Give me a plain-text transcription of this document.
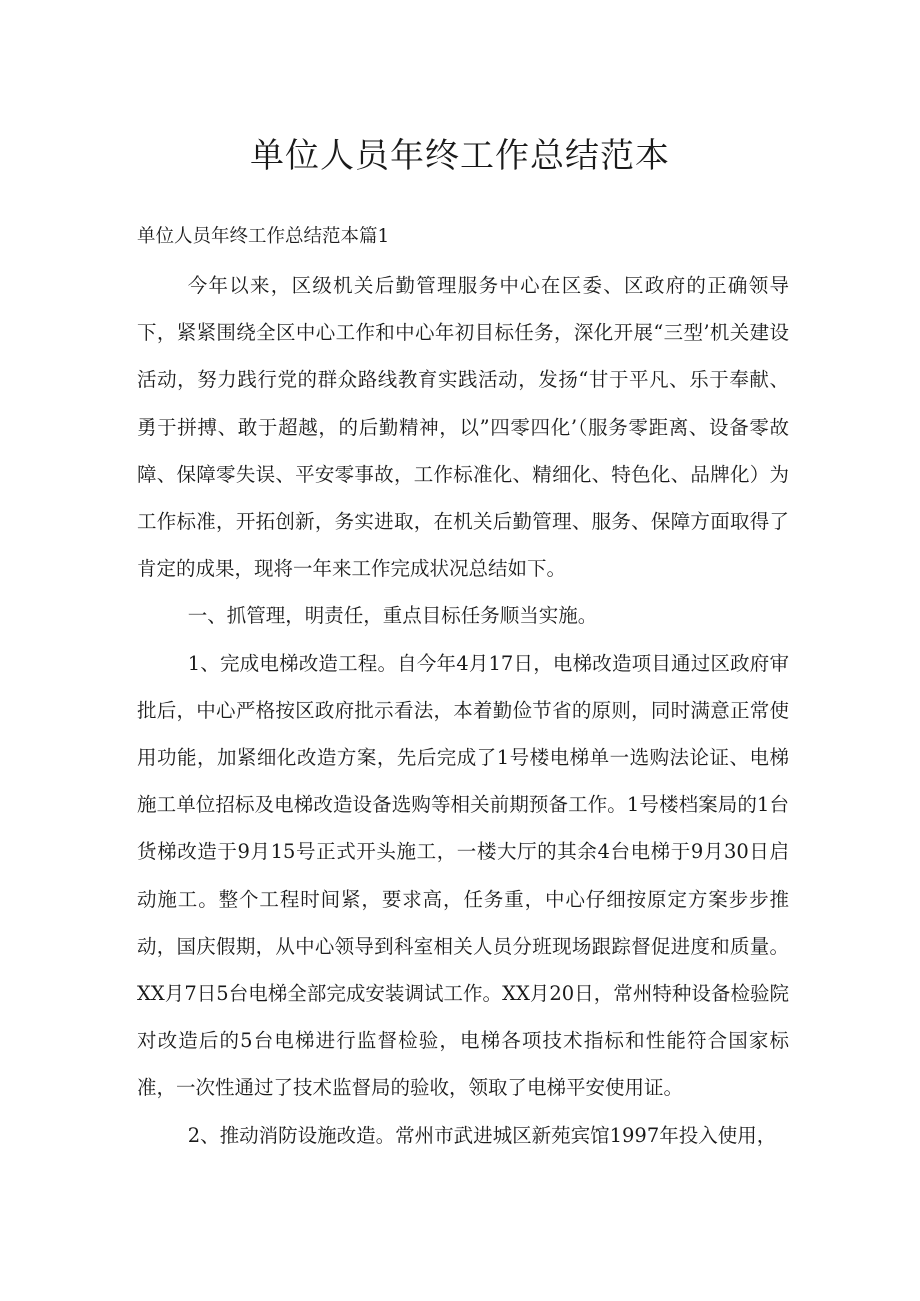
单位人员年终工作总结范本

单位人员年终工作总结范本篇1

今年以来，区级机关后勤管理服务中心在区委、区政府的正确领导下，紧紧围绕全区中心工作和中心年初目标任务，深化开展“三型’机关建设活动，努力践行党的群众路线教育实践活动，发扬“甘于平凡、乐于奉献、勇于拼搏、敢于超越，的后勤精神，以”四零四化’（服务零距离、设备零故障、保障零失误、平安零事故，工作标准化、精细化、特色化、品牌化）为工作标准，开拓创新，务实进取，在机关后勤管理、服务、保障方面取得了肯定的成果，现将一年来工作完成状况总结如下。

一、抓管理，明责任，重点目标任务顺当实施。

1、完成电梯改造工程。自今年4月17日，电梯改造项目通过区政府审批后，中心严格按区政府批示看法，本着勤俭节省的原则，同时满意正常使用功能，加紧细化改造方案，先后完成了1号楼电梯单一选购法论证、电梯施工单位招标及电梯改造设备选购等相关前期预备工作。1号楼档案局的1台货梯改造于9月15号正式开头施工，一楼大厅的其余4台电梯于9月30日启动施工。整个工程时间紧，要求高，任务重，中心仔细按原定方案步步推动，国庆假期，从中心领导到科室相关人员分班现场跟踪督促进度和质量。XX月7日5台电梯全部完成安装调试工作。XX月20日，常州特种设备检验院对改造后的5台电梯进行监督检验，电梯各项技术指标和性能符合国家标准，一次性通过了技术监督局的验收，领取了电梯平安使用证。

2、推动消防设施改造。常州市武进城区新苑宾馆1997年投入使用，
